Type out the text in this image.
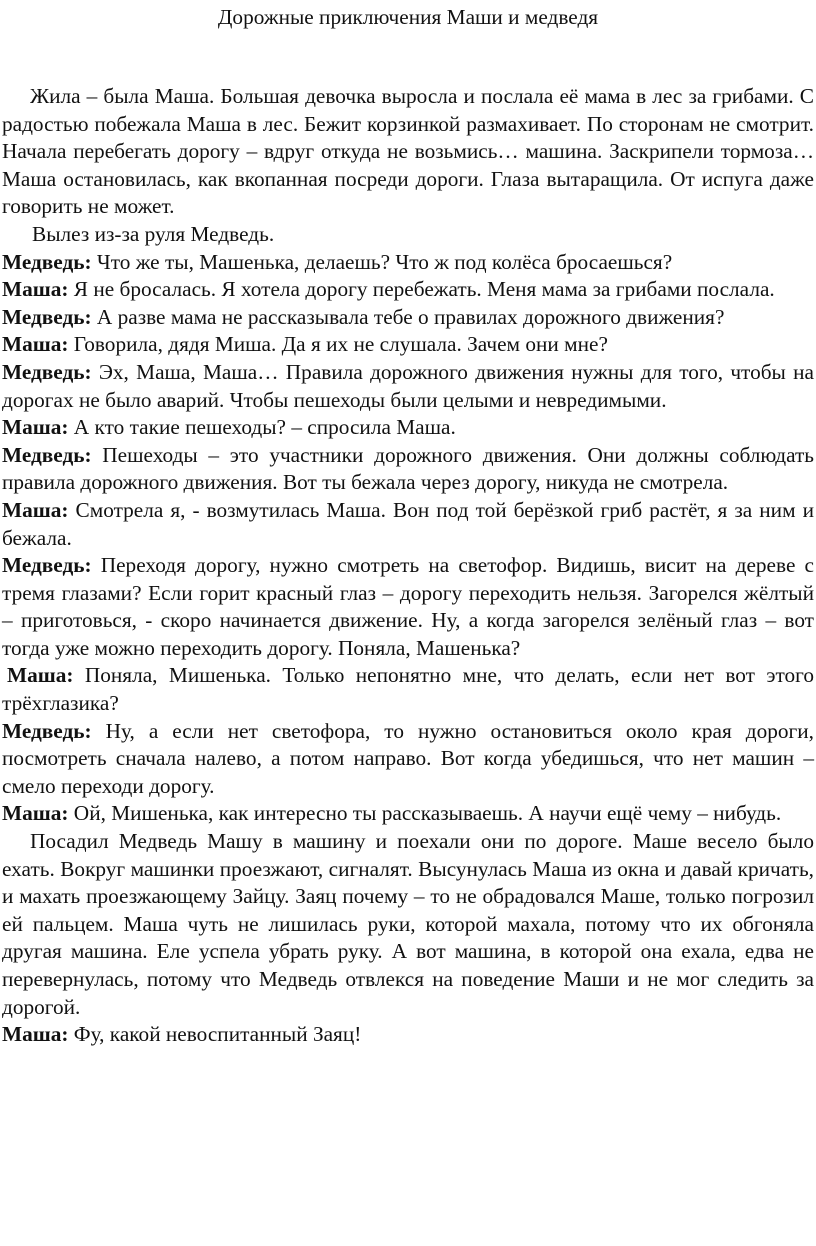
Дорожные приключения Маши и медведя

Жила – была Маша. Большая девочка выросла и послала её мама в лес за грибами. С радостью побежала Маша в лес. Бежит корзинкой размахивает. По сторонам не смотрит. Начала перебегать дорогу – вдруг откуда не возьмись… машина. Заскрипели тормоза… Маша остановилась, как вкопанная посреди дороги. Глаза вытаращила. От испуга даже говорить не может.

Вылез из-за руля Медведь.

Медведь: Что же ты, Машенька, делаешь? Что ж под колёса бросаешься?

Маша: Я не бросалась. Я хотела дорогу перебежать. Меня мама за грибами послала.

Медведь: А разве мама не рассказывала тебе о правилах дорожного движения?

Маша: Говорила, дядя Миша. Да я их не слушала. Зачем они мне?

Медведь: Эх, Маша, Маша… Правила дорожного движения нужны для того, чтобы на дорогах не было аварий. Чтобы пешеходы были целыми и невредимыми.

Маша: А кто такие пешеходы? – спросила Маша.

Медведь: Пешеходы – это участники дорожного движения. Они должны соблюдать правила дорожного движения. Вот ты бежала через дорогу, никуда не смотрела.

Маша: Смотрела я, - возмутилась Маша. Вон под той берёзкой гриб растёт, я за ним и бежала.

Медведь: Переходя дорогу, нужно смотреть на светофор. Видишь, висит на дереве с тремя глазами? Если горит красный глаз – дорогу переходить нельзя. Загорелся жёлтый – приготовься, - скоро начинается движение. Ну, а когда загорелся зелёный глаз – вот тогда уже можно переходить дорогу. Поняла, Машенька?

Маша: Поняла, Мишенька. Только непонятно мне, что делать, если нет вот этого трёхглазика?

Медведь: Ну, а если нет светофора, то нужно остановиться около края дороги, посмотреть сначала налево, а потом направо. Вот когда убедишься, что нет машин – смело переходи дорогу.

Маша: Ой, Мишенька, как интересно ты рассказываешь. А научи ещё чему – нибудь.

Посадил Медведь Машу в машину и поехали они по дороге. Маше весело было ехать. Вокруг машинки проезжают, сигналят. Высунулась Маша из окна и давай кричать, и махать проезжающему Зайцу. Заяц почему – то не обрадовался Маше, только погрозил ей пальцем. Маша чуть не лишилась руки, которой махала, потому что их обгоняла другая машина. Еле успела убрать руку. А вот машина, в которой она ехала, едва не перевернулась, потому что Медведь отвлекся на поведение Маши и не мог следить за дорогой.

Маша: Фу, какой невоспитанный Заяц!
